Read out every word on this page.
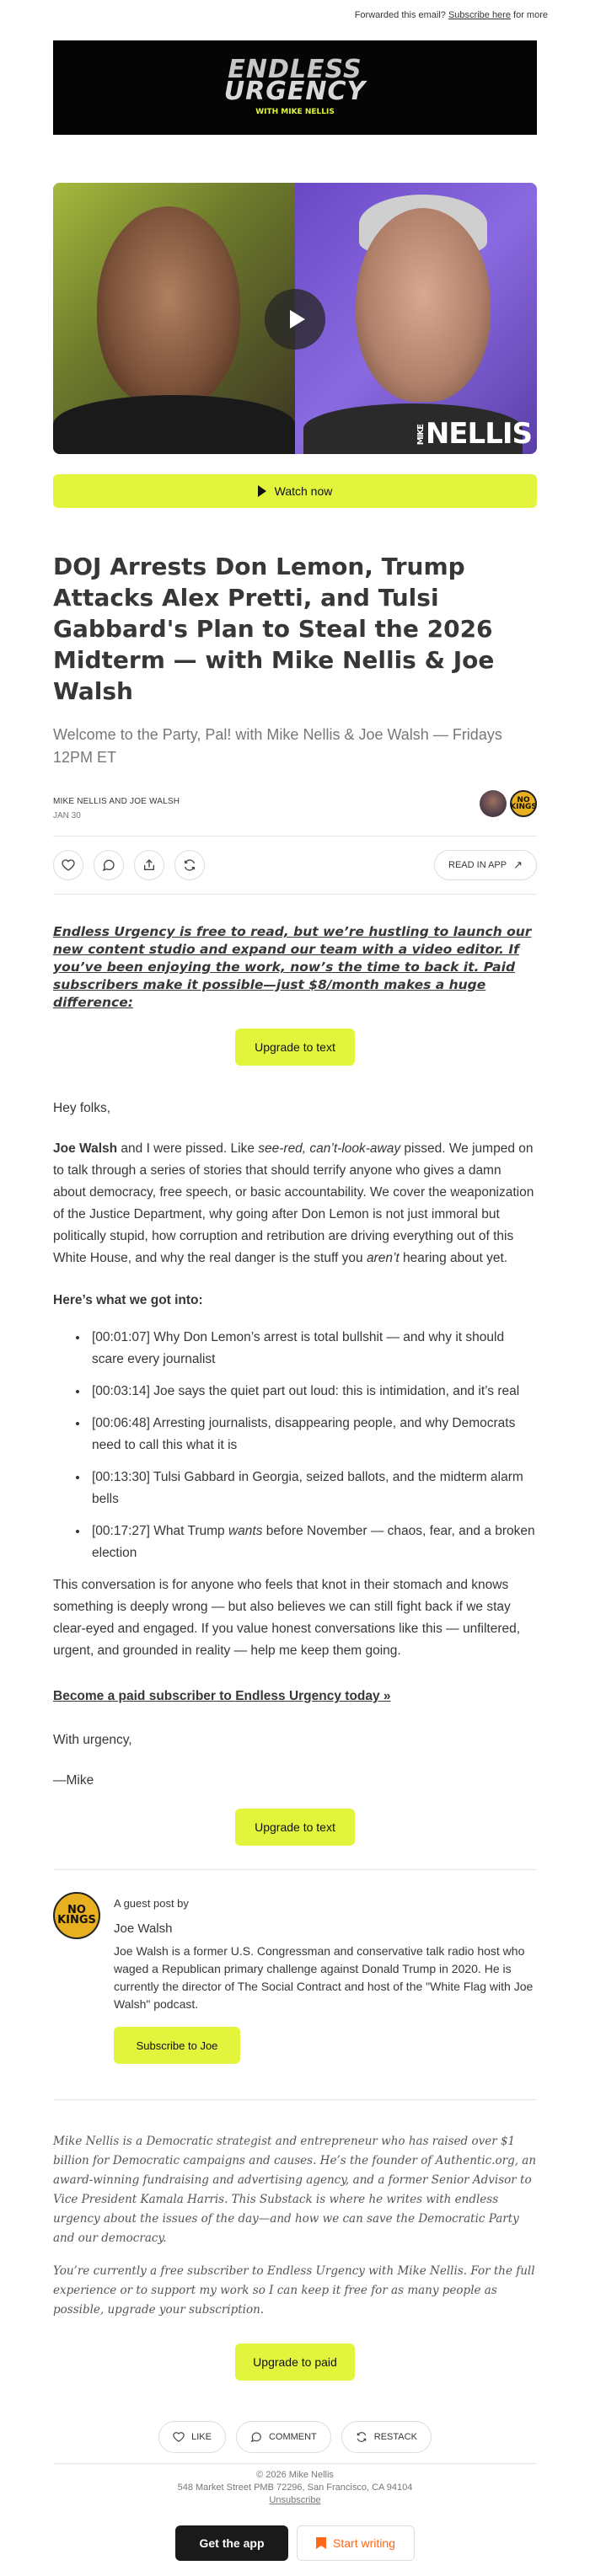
Forwarded this email? Subscribe here for more
ENDLESS
URGENCY
WITH MIKE NELLIS
MIKENELLIS
Watch now
DOJ Arrests Don Lemon, Trump Attacks Alex Pretti, and Tulsi Gabbard's Plan to Steal the 2026 Midterm — with Mike Nellis & Joe Walsh
Welcome to the Party, Pal! with Mike Nellis & Joe Walsh — Fridays 12PM ET
MIKE NELLIS AND JOE WALSH
JAN 30
NO KINGS
READ IN APP ↗
Endless Urgency is free to read, but we’re hustling to launch our new content studio and expand our team with a video editor. If you’ve been enjoying the work, now’s the time to back it. Paid subscribers make it possible—just $8/month makes a huge difference:
Upgrade to text

Hey folks,

Joe Walsh and I were pissed. Like see-red, can’t-look-away pissed. We jumped on to talk through a series of stories that should terrify anyone who gives a damn about democracy, free speech, or basic accountability. We cover the weaponization of the Justice Department, why going after Don Lemon is not just immoral but politically stupid, how corruption and retribution are driving everything out of this White House, and why the real danger is the stuff you aren’t hearing about yet.

Here’s what we got into:

• [00:01:07] Why Don Lemon’s arrest is total bullshit — and why it should scare every journalist
• [00:03:14] Joe says the quiet part out loud: this is intimidation, and it’s real
• [00:06:48] Arresting journalists, disappearing people, and why Democrats need to call this what it is
• [00:13:30] Tulsi Gabbard in Georgia, seized ballots, and the midterm alarm bells
• [00:17:27] What Trump wants before November — chaos, fear, and a broken election

This conversation is for anyone who feels that knot in their stomach and knows something is deeply wrong — but also believes we can still fight back if we stay clear-eyed and engaged. If you value honest conversations like this — unfiltered, urgent, and grounded in reality — help me keep them going.

Become a paid subscriber to Endless Urgency today »

With urgency,

—Mike

Upgrade to text
NO KINGS
A guest post by
Joe Walsh
Joe Walsh is a former U.S. Congressman and conservative talk radio host who waged a Republican primary challenge against Donald Trump in 2020. He is currently the director of The Social Contract and host of the "White Flag with Joe Walsh" podcast.
Subscribe to Joe

Mike Nellis is a Democratic strategist and entrepreneur who has raised over $1 billion for Democratic campaigns and causes. He’s the founder of Authentic.org, an award-winning fundraising and advertising agency, and a former Senior Advisor to Vice President Kamala Harris. This Substack is where he writes with endless urgency about the issues of the day—and how we can save the Democratic Party and our democracy.

You’re currently a free subscriber to Endless Urgency with Mike Nellis. For the full experience or to support my work so I can keep it free for as many people as possible, upgrade your subscription.

Upgrade to paid
LIKE	COMMENT	RESTACK
© 2026 Mike Nellis
548 Market Street PMB 72296, San Francisco, CA 94104
Unsubscribe
Get the app	Start writing
